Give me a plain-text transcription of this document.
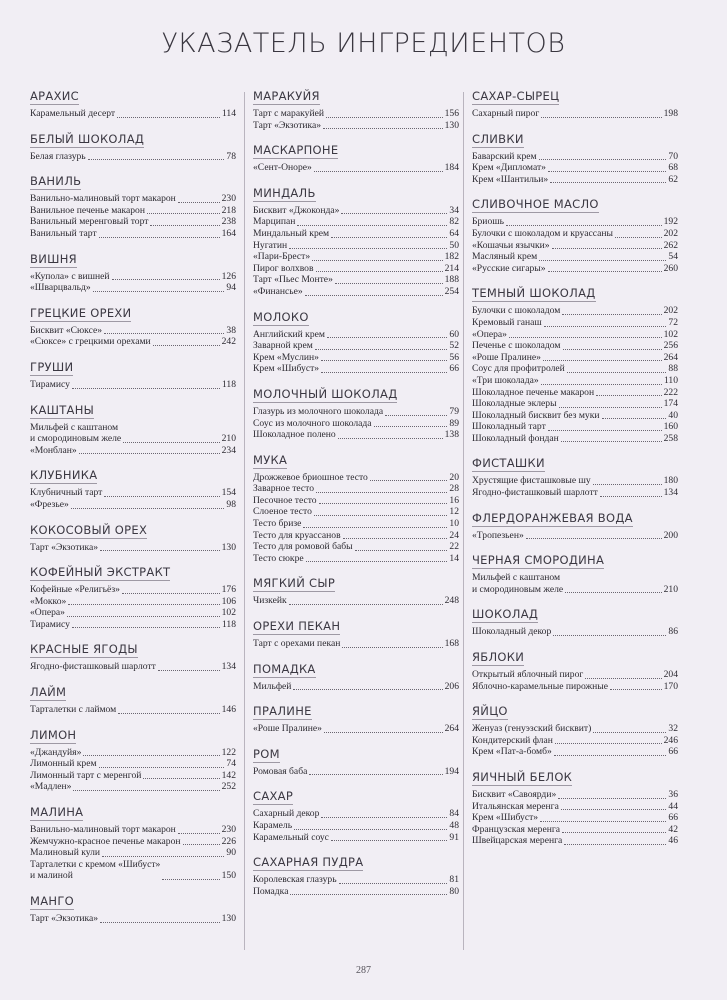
УКАЗАТЕЛЬ ИНГРЕДИЕНТОВ
АРАХИС
Карамельный десерт	114
БЕЛЫЙ ШОКОЛАД
Белая глазурь	78
ВАНИЛЬ
Ванильно-малиновый торт макарон	230
Ванильное печенье макарон	218
Ванильный меренговый торт	238
Ванильный тарт	164
ВИШНЯ
«Купола» с вишней	126
«Шварцвальд»	94
ГРЕЦКИЕ ОРЕХИ
Бисквит «Сюксе»	38
«Сюксе» с грецкими орехами	242
ГРУШИ
Тирамису	118
КАШТАНЫ
Мильфей с каштаном
и смородиновым желе	210
«Монблан»	234
КЛУБНИКА
Клубничный тарт	154
«Фрезье»	98
КОКОСОВЫЙ ОРЕХ
Тарт «Экзотика»	130
КОФЕЙНЫЙ ЭКСТРАКТ
Кофейные «Религьёз»	176
«Мокко»	106
«Опера»	102
Тирамису	118
КРАСНЫЕ ЯГОДЫ
Ягодно-фисташковый шарлотт	134
ЛАЙМ
Тарталетки с лаймом	146
ЛИМОН
«Джандуйя»	122
Лимонный крем	74
Лимонный тарт с меренгой	142
«Мадлен»	252
МАЛИНА
Ванильно-малиновый торт макарон	230
Жемчужно-красное печенье макарон	226
Малиновый кули	90
Тарталетки с кремом «Шибуст»
и малиной	150
МАНГО
Тарт «Экзотика»	130
МАРАКУЙЯ
Тарт с маракуйей	156
Тарт «Экзотика»	130
МАСКАРПОНЕ
«Сент-Оноре»	184
МИНДАЛЬ
Бисквит «Джоконда»	34
Марципан	82
Миндальный крем	64
Нугатин	50
«Пари-Брест»	182
Пирог волхвов	214
Тарт «Пьес Монте»	188
«Финансье»	254
МОЛОКО
Английский крем	60
Заварной крем	52
Крем «Муслин»	56
Крем «Шибуст»	66
МОЛОЧНЫЙ ШОКОЛАД
Глазурь из молочного шоколада	79
Соус из молочного шоколада	89
Шоколадное полено	138
МУКА
Дрожжевое бриошное тесто	20
Заварное тесто	28
Песочное тесто	16
Слоеное тесто	12
Тесто бризе	10
Тесто для круассанов	24
Тесто для ромовой бабы	22
Тесто сюкре	14
МЯГКИЙ СЫР
Чизкейк	248
ОРЕХИ ПЕКАН
Тарт с орехами пекан	168
ПОМАДКА
Мильфей	206
ПРАЛИНЕ
«Роше Пралине»	264
РОМ
Ромовая баба	194
САХАР
Сахарный декор	84
Карамель	48
Карамельный соус	91
САХАРНАЯ ПУДРА
Королевская глазурь	81
Помадка	80
САХАР-СЫРЕЦ
Сахарный пирог	198
СЛИВКИ
Баварский крем	70
Крем «Дипломат»	68
Крем «Шантильи»	62
СЛИВОЧНОЕ МАСЛО
Бриошь	192
Булочки с шоколадом и круассаны	202
«Кошачьи язычки»	262
Масляный крем	54
«Русские сигары»	260
ТЕМНЫЙ ШОКОЛАД
Булочки с шоколадом	202
Кремовый ганаш	72
«Опера»	102
Печенье с шоколадом	256
«Роше Пралине»	264
Соус для профитролей	88
«Три шоколада»	110
Шоколадное печенье макарон	222
Шоколадные эклеры	174
Шоколадный бисквит без муки	40
Шоколадный тарт	160
Шоколадный фондан	258
ФИСТАШКИ
Хрустящие фисташковые шу	180
Ягодно-фисташковый шарлотт	134
ФЛЕРДОРАНЖЕВАЯ ВОДА
«Тропезьен»	200
ЧЕРНАЯ СМОРОДИНА
Мильфей с каштаном
и смородиновым желе	210
ШОКОЛАД
Шоколадный декор	86
ЯБЛОКИ
Открытый яблочный пирог	204
Яблочно-карамельные пирожные	170
ЯЙЦО
Женуаз (генуэзский бисквит)	32
Кондитерский флан	246
Крем «Пат-а-бомб»	66
ЯИЧНЫЙ БЕЛОК
Бисквит «Савоярди»	36
Итальянская меренга	44
Крем «Шибуст»	66
Французская меренга	42
Швейцарская меренга	46
287
